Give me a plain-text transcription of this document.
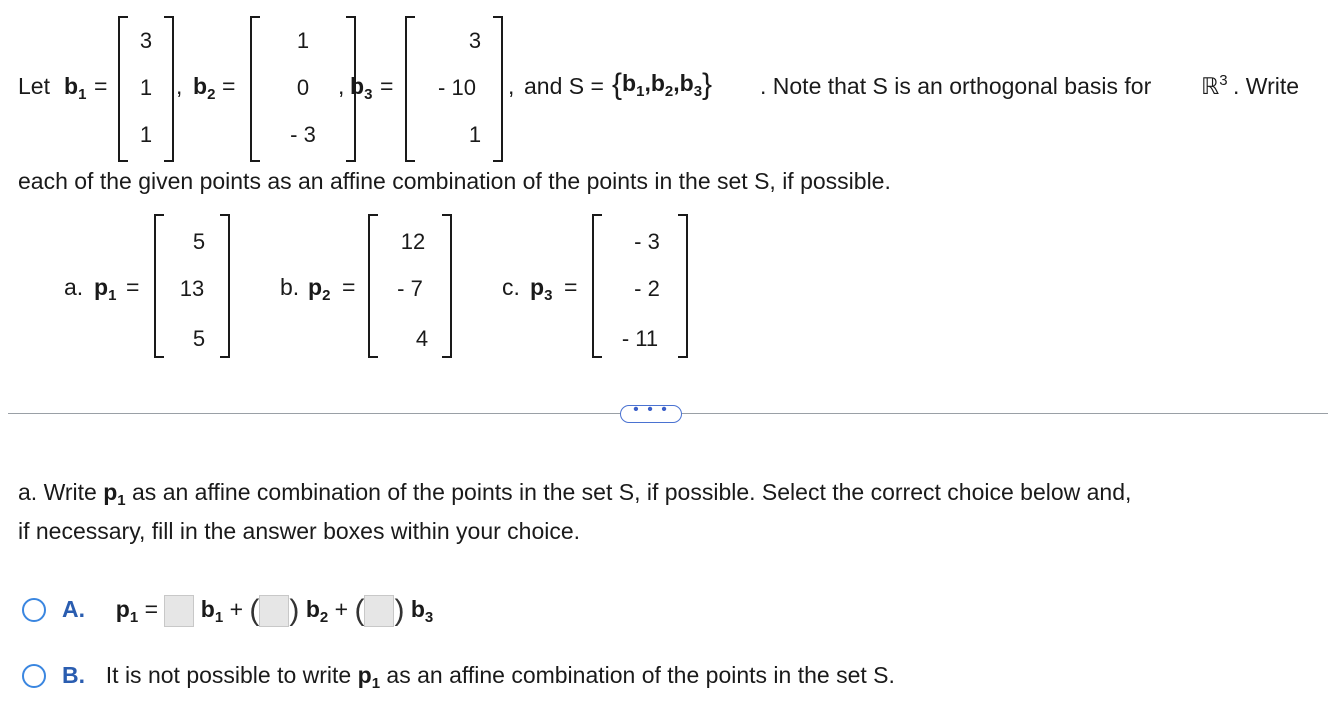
Let $b_1$ =
3
1
1
, $b_2$ =
1
0
- 3
, $b_3$ =
3
- 10
1
, and $S = \{b_1,b_2,b_3\}$ . Note that S is an orthogonal basis for ℝ$^3$ . Write
each of the given points as an affine combination of the points in the set S, if possible.
a. $p_1$ =
5
13
5
b. $p_2$ =
12
- 7
4
c. $p_3$ =
- 3
- 2
- 11
• • •
a. Write $p_1$ as an affine combination of the points in the set S, if possible. Select the correct choice below and,
if necessary, fill in the answer boxes within your choice.
A. $p_1 = b_1$ + ( ) $b_2$ + ( ) $b_3$
B. It is not possible to write $p_1$ as an affine combination of the points in the set S.
